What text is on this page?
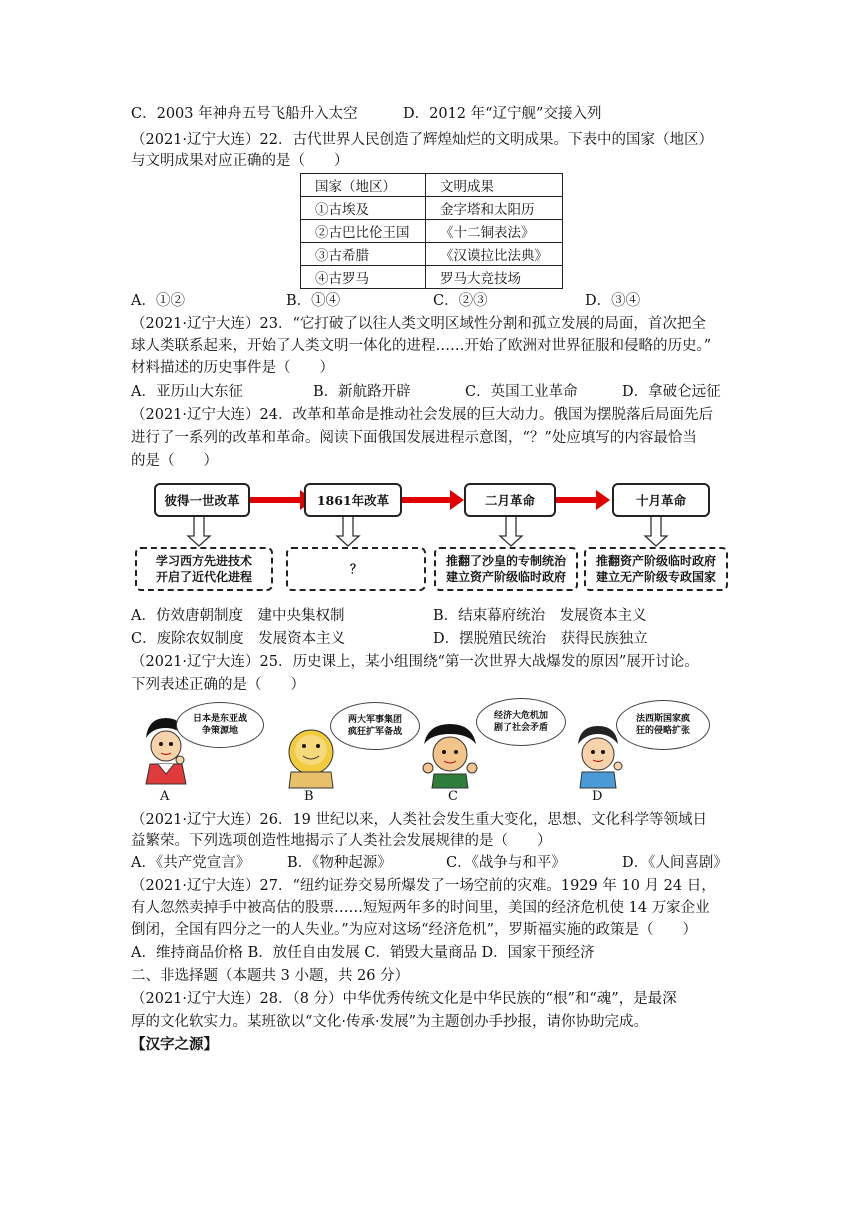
C．2003 年神舟五号飞船升入太空	D．2012 年“辽宁舰”交接入列
（2021·辽宁大连）22．古代世界人民创造了辉煌灿烂的文明成果。下表中的国家（地区）
与文明成果对应正确的是（　　）
国家（地区）	文明成果
①古埃及	金字塔和太阳历
②古巴比伦王国	《十二铜表法》
③古希腊	《汉谟拉比法典》
④古罗马	罗马大竞技场
A．①②	B．①④	C．②③	D．③④
（2021·辽宁大连）23．“它打破了以往人类文明区域性分割和孤立发展的局面，首次把全
球人类联系起来，开始了人类文明一体化的进程……开始了欧洲对世界征服和侵略的历史。”
材料描述的历史事件是（　　）
A．亚历山大东征	B．新航路开辟	C．英国工业革命	D．拿破仑远征
（2021·辽宁大连）24．改革和革命是推动社会发展的巨大动力。俄国为摆脱落后局面先后
进行了一系列的改革和革命。阅读下面俄国发展进程示意图，“？”处应填写的内容最恰当
的是（　　）
彼得一世改革	1861年改革	二月革命	十月革命
学习西方先进技术
开启了近代化进程
？
推翻了沙皇的专制统治
建立资产阶级临时政府
推翻资产阶级临时政府
建立无产阶级专政国家
A．仿效唐朝制度　建中央集权制	B．结束幕府统治　发展资本主义
C．废除农奴制度　发展资本主义	D．摆脱殖民统治　获得民族独立
（2021·辽宁大连）25．历史课上，某小组围绕“第一次世界大战爆发的原因”展开讨论。
下列表述正确的是（　　）
日本是东亚战
争策源地
两大军事集团
疯狂扩军备战
经济大危机加
剧了社会矛盾
法西斯国家疯
狂的侵略扩张
A	B	C	D
（2021·辽宁大连）26．19 世纪以来，人类社会发生重大变化，思想、文化科学等领域日
益繁荣。下列选项创造性地揭示了人类社会发展规律的是（　　）
A．《共产党宣言》	B．《物种起源》	C．《战争与和平》	D．《人间喜剧》
（2021·辽宁大连）27．“纽约证券交易所爆发了一场空前的灾难。1929 年 10 月 24 日，
有人忽然卖掉手中被高估的股票……短短两年多的时间里，美国的经济危机使 14 万家企业
倒闭，全国有四分之一的人失业。”为应对这场“经济危机”，罗斯福实施的政策是（　　）
A．维持商品价格 B．放任自由发展 C．销毁大量商品 D．国家干预经济
二、非选择题（本题共 3 小题，共 26 分）
（2021·辽宁大连）28．（8 分）中华优秀传统文化是中华民族的“根”和“魂”，是最深
厚的文化软实力。某班欲以“文化·传承·发展”为主题创办手抄报，请你协助完成。
【汉字之源】
